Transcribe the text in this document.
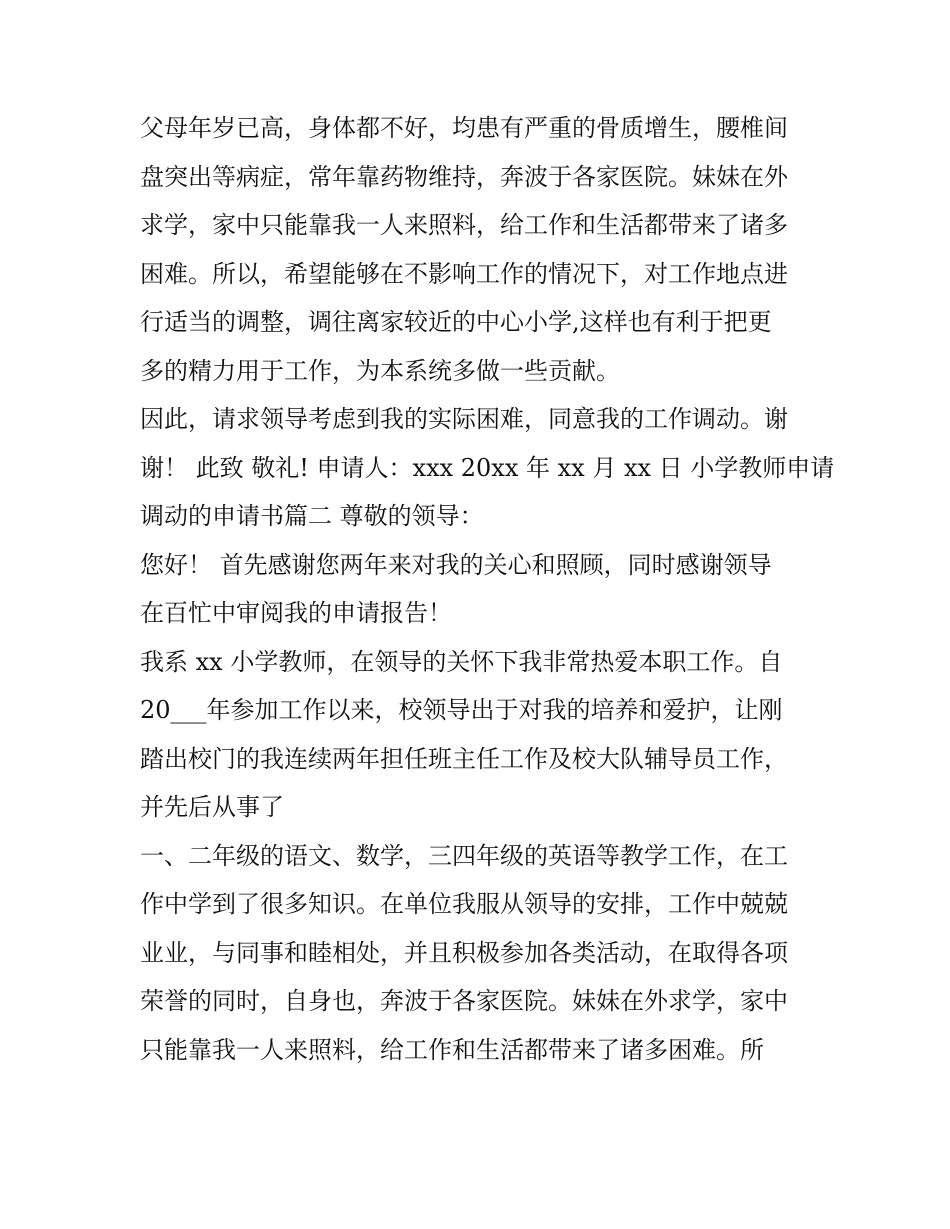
父母年岁已高，身体都不好，均患有严重的骨质增生，腰椎间
盘突出等病症，常年靠药物维持，奔波于各家医院。妹妹在外
求学，家中只能靠我一人来照料，给工作和生活都带来了诸多
困难。所以，希望能够在不影响工作的情况下，对工作地点进
行适当的调整，调往离家较近的中心小学,这样也有利于把更
多的精力用于工作，为本系统多做一些贡献。
因此，请求领导考虑到我的实际困难，同意我的工作调动。谢
谢！ 此致 敬礼! 申请人：xxx 20xx 年 xx 月 xx 日 小学教师申请
调动的申请书篇二 尊敬的领导：
您好！ 首先感谢您两年来对我的关心和照顾，同时感谢领导
在百忙中审阅我的申请报告！
我系 xx 小学教师，在领导的关怀下我非常热爱本职工作。自
20___年参加工作以来，校领导出于对我的培养和爱护，让刚
踏出校门的我连续两年担任班主任工作及校大队辅导员工作，
并先后从事了
一、二年级的语文、数学，三四年级的英语等教学工作，在工
作中学到了很多知识。在单位我服从领导的安排，工作中兢兢
业业，与同事和睦相处，并且积极参加各类活动，在取得各项
荣誉的同时，自身也，奔波于各家医院。妹妹在外求学，家中
只能靠我一人来照料，给工作和生活都带来了诸多困难。所
